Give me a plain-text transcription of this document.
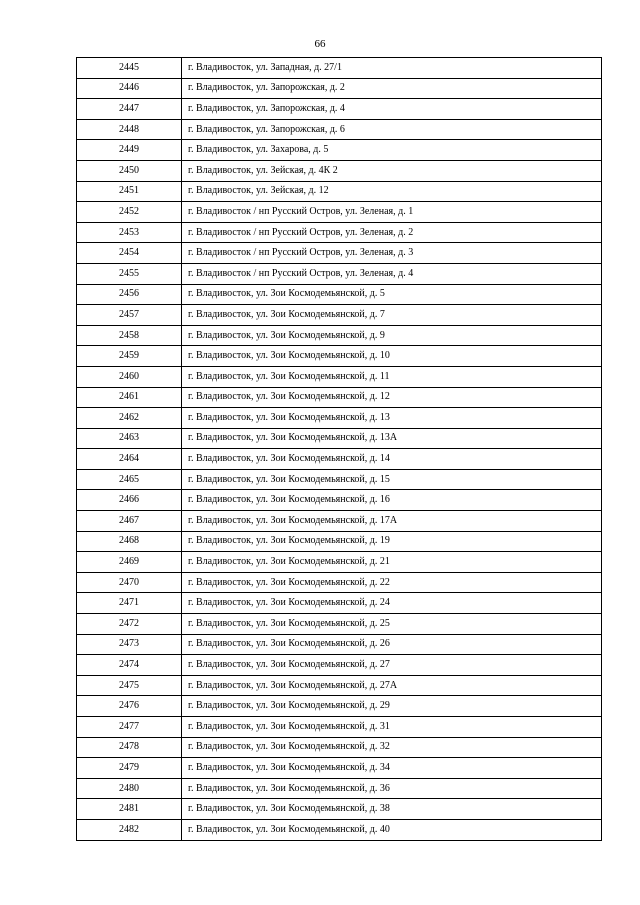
66
2445	г. Владивосток, ул. Западная, д. 27/1
2446	г. Владивосток, ул. Запорожская, д. 2
2447	г. Владивосток, ул. Запорожская, д. 4
2448	г. Владивосток, ул. Запорожская, д. 6
2449	г. Владивосток, ул. Захарова, д. 5
2450	г. Владивосток, ул. Зейская, д. 4К 2
2451	г. Владивосток, ул. Зейская, д. 12
2452	г. Владивосток / нп Русский Остров, ул. Зеленая, д. 1
2453	г. Владивосток / нп Русский Остров, ул. Зеленая, д. 2
2454	г. Владивосток / нп Русский Остров, ул. Зеленая, д. 3
2455	г. Владивосток / нп Русский Остров, ул. Зеленая, д. 4
2456	г. Владивосток, ул. Зои Космодемьянской, д. 5
2457	г. Владивосток, ул. Зои Космодемьянской, д. 7
2458	г. Владивосток, ул. Зои Космодемьянской, д. 9
2459	г. Владивосток, ул. Зои Космодемьянской, д. 10
2460	г. Владивосток, ул. Зои Космодемьянской, д. 11
2461	г. Владивосток, ул. Зои Космодемьянской, д. 12
2462	г. Владивосток, ул. Зои Космодемьянской, д. 13
2463	г. Владивосток, ул. Зои Космодемьянской, д. 13А
2464	г. Владивосток, ул. Зои Космодемьянской, д. 14
2465	г. Владивосток, ул. Зои Космодемьянской, д. 15
2466	г. Владивосток, ул. Зои Космодемьянской, д. 16
2467	г. Владивосток, ул. Зои Космодемьянской, д. 17А
2468	г. Владивосток, ул. Зои Космодемьянской, д. 19
2469	г. Владивосток, ул. Зои Космодемьянской, д. 21
2470	г. Владивосток, ул. Зои Космодемьянской, д. 22
2471	г. Владивосток, ул. Зои Космодемьянской, д. 24
2472	г. Владивосток, ул. Зои Космодемьянской, д. 25
2473	г. Владивосток, ул. Зои Космодемьянской, д. 26
2474	г. Владивосток, ул. Зои Космодемьянской, д. 27
2475	г. Владивосток, ул. Зои Космодемьянской, д. 27А
2476	г. Владивосток, ул. Зои Космодемьянской, д. 29
2477	г. Владивосток, ул. Зои Космодемьянской, д. 31
2478	г. Владивосток, ул. Зои Космодемьянской, д. 32
2479	г. Владивосток, ул. Зои Космодемьянской, д. 34
2480	г. Владивосток, ул. Зои Космодемьянской, д. 36
2481	г. Владивосток, ул. Зои Космодемьянской, д. 38
2482	г. Владивосток, ул. Зои Космодемьянской, д. 40
